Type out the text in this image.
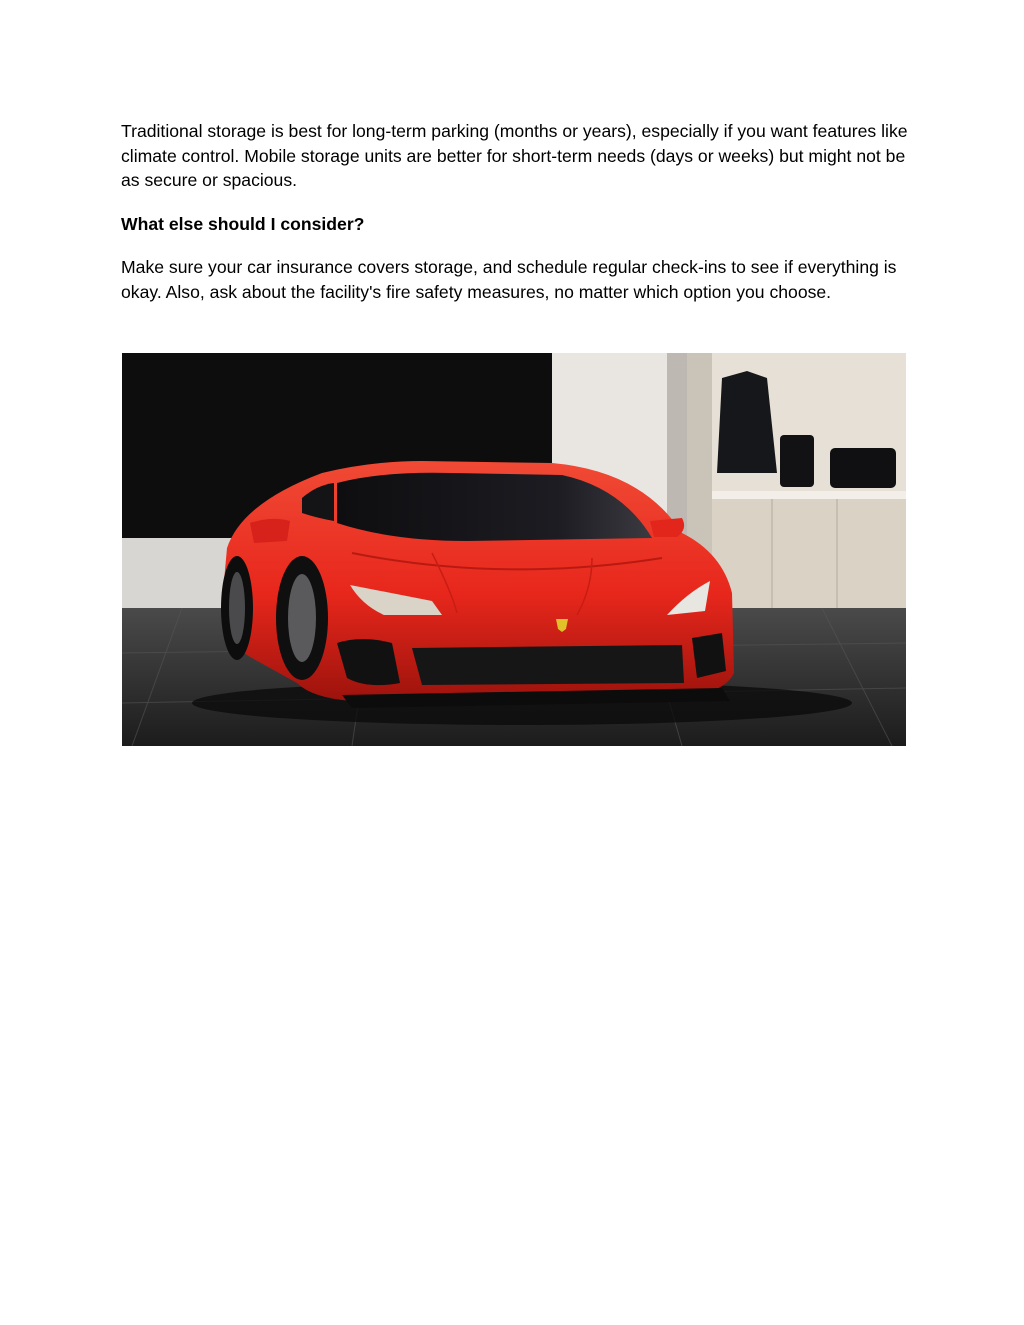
Traditional storage is best for long-term parking (months or years), especially if you want features like climate control. Mobile storage units are better for short-term needs (days or weeks) but might not be as secure or spacious.

What else should I consider?

Make sure your car insurance covers storage, and schedule regular check-ins to see if everything is okay. Also, ask about the facility's fire safety measures, no matter which option you choose.
